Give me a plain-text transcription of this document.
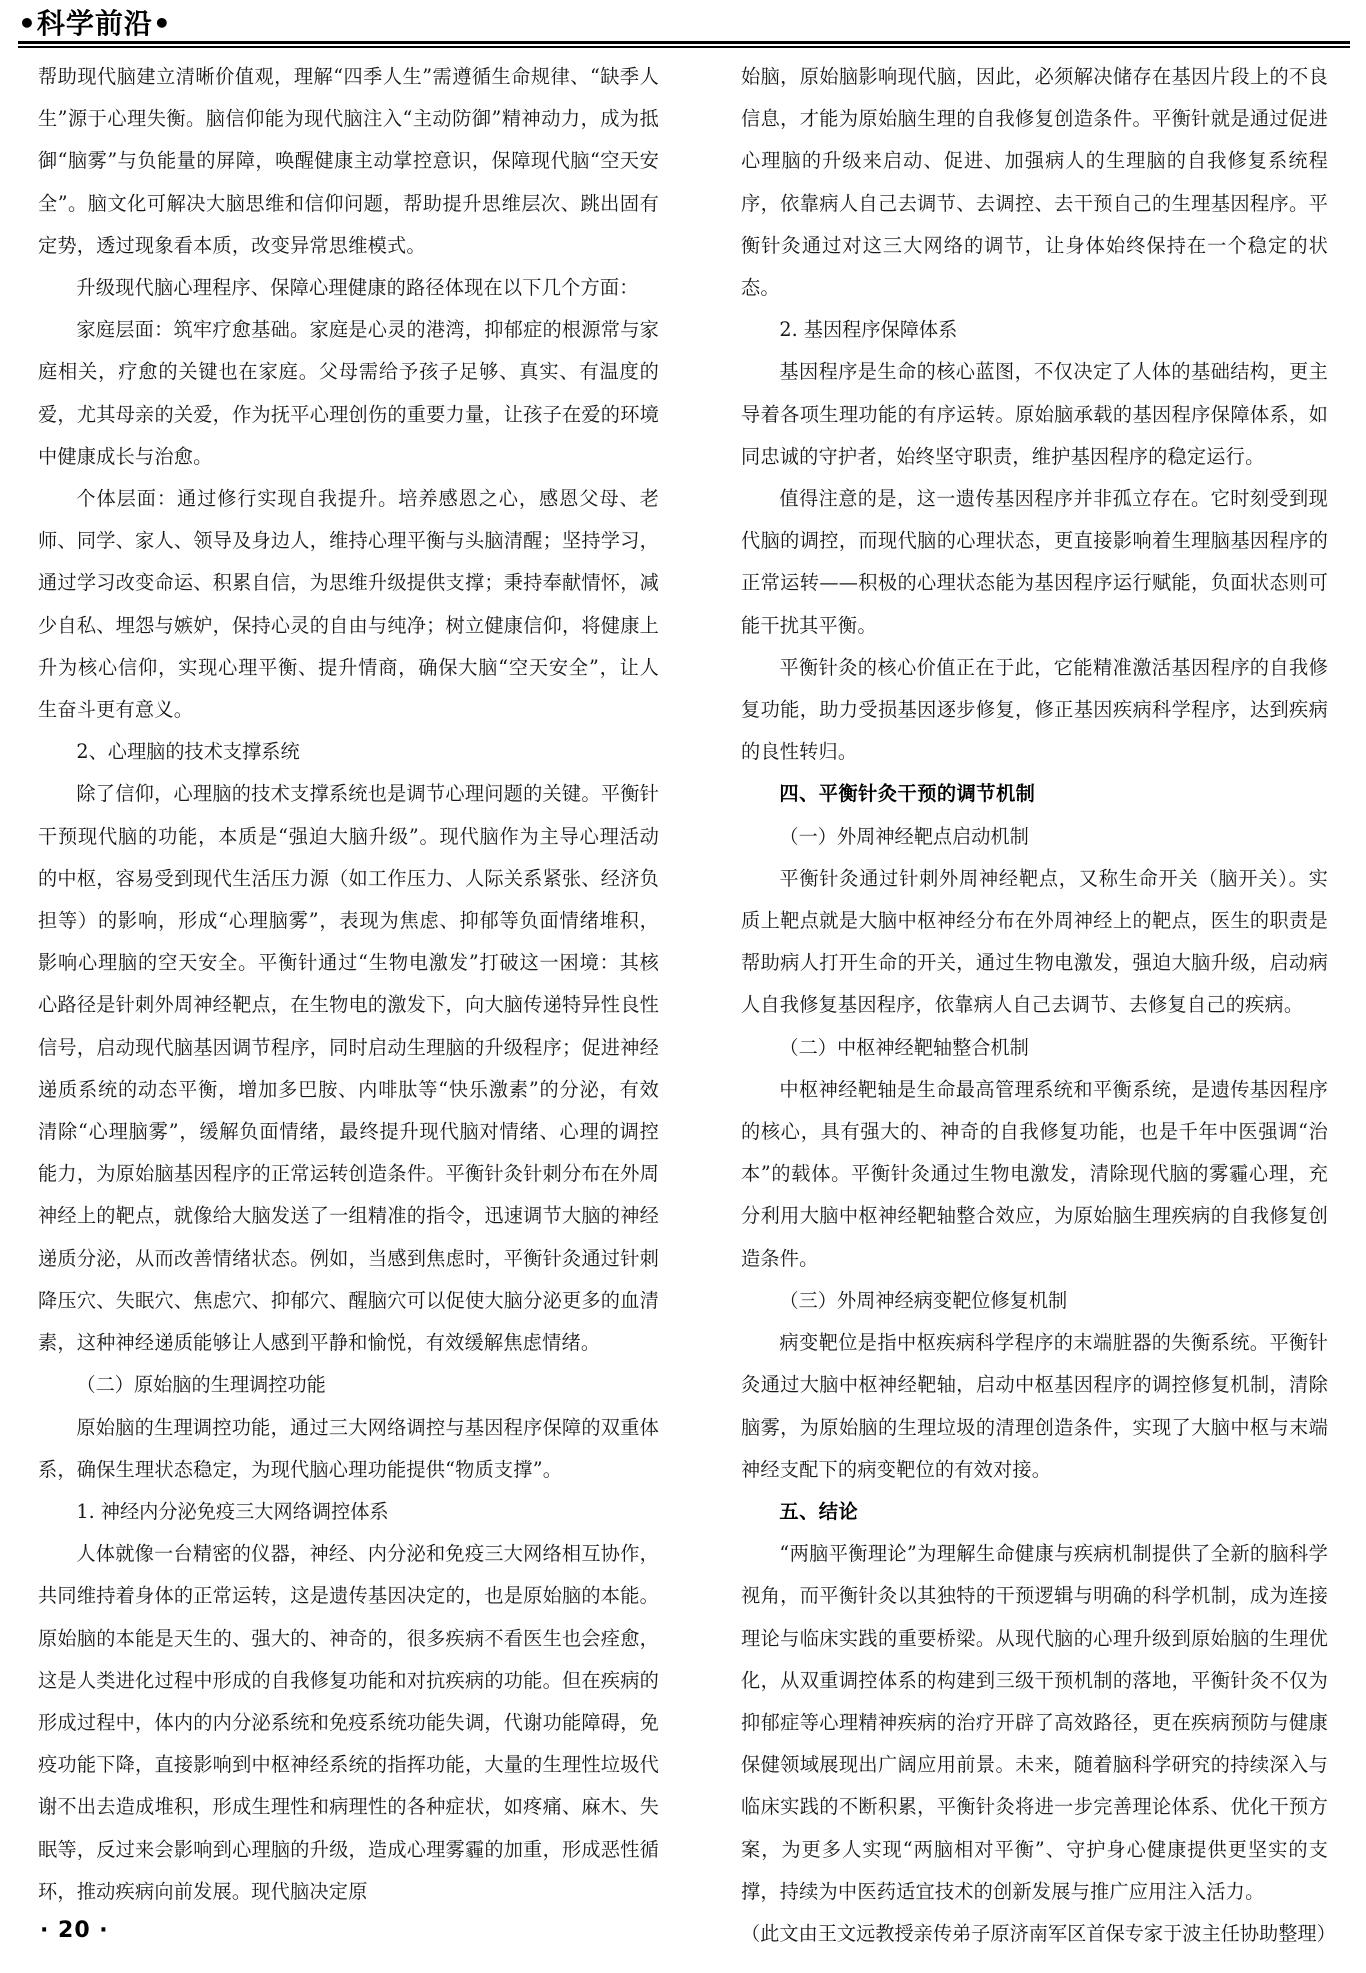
•科学前沿•

帮助现代脑建立清晰价值观，理解“四季人生”需遵循生命规律、“缺季人生”源于心理失衡。脑信仰能为现代脑注入“主动防御”精神动力，成为抵御“脑雾”与负能量的屏障，唤醒健康主动掌控意识，保障现代脑“空天安全”。脑文化可解决大脑思维和信仰问题，帮助提升思维层次、跳出固有定势，透过现象看本质，改变异常思维模式。

升级现代脑心理程序、保障心理健康的路径体现在以下几个方面：

家庭层面：筑牢疗愈基础。家庭是心灵的港湾，抑郁症的根源常与家庭相关，疗愈的关键也在家庭。父母需给予孩子足够、真实、有温度的爱，尤其母亲的关爱，作为抚平心理创伤的重要力量，让孩子在爱的环境中健康成长与治愈。

个体层面：通过修行实现自我提升。培养感恩之心，感恩父母、老师、同学、家人、领导及身边人，维持心理平衡与头脑清醒；坚持学习，通过学习改变命运、积累自信，为思维升级提供支撑；秉持奉献情怀，减少自私、埋怨与嫉妒，保持心灵的自由与纯净；树立健康信仰，将健康上升为核心信仰，实现心理平衡、提升情商，确保大脑“空天安全”，让人生奋斗更有意义。

2、心理脑的技术支撑系统

除了信仰，心理脑的技术支撑系统也是调节心理问题的关键。平衡针干预现代脑的功能，本质是“强迫大脑升级”。现代脑作为主导心理活动的中枢，容易受到现代生活压力源（如工作压力、人际关系紧张、经济负担等）的影响，形成“心理脑雾”，表现为焦虑、抑郁等负面情绪堆积，影响心理脑的空天安全。平衡针通过“生物电激发”打破这一困境：其核心路径是针刺外周神经靶点，在生物电的激发下，向大脑传递特异性良性信号，启动现代脑基因调节程序，同时启动生理脑的升级程序；促进神经递质系统的动态平衡，增加多巴胺、内啡肽等“快乐激素”的分泌，有效清除“心理脑雾”，缓解负面情绪，最终提升现代脑对情绪、心理的调控能力，为原始脑基因程序的正常运转创造条件。平衡针灸针刺分布在外周神经上的靶点，就像给大脑发送了一组精准的指令，迅速调节大脑的神经递质分泌，从而改善情绪状态。例如，当感到焦虑时，平衡针灸通过针刺降压穴、失眠穴、焦虑穴、抑郁穴、醒脑穴可以促使大脑分泌更多的血清素，这种神经递质能够让人感到平静和愉悦，有效缓解焦虑情绪。

（二）原始脑的生理调控功能

原始脑的生理调控功能，通过三大网络调控与基因程序保障的双重体系，确保生理状态稳定，为现代脑心理功能提供“物质支撑”。

1. 神经内分泌免疫三大网络调控体系

人体就像一台精密的仪器，神经、内分泌和免疫三大网络相互协作，共同维持着身体的正常运转，这是遗传基因决定的，也是原始脑的本能。原始脑的本能是天生的、强大的、神奇的，很多疾病不看医生也会痊愈，这是人类进化过程中形成的自我修复功能和对抗疾病的功能。但在疾病的形成过程中，体内的内分泌系统和免疫系统功能失调，代谢功能障碍，免疫功能下降，直接影响到中枢神经系统的指挥功能，大量的生理性垃圾代谢不出去造成堆积，形成生理性和病理性的各种症状，如疼痛、麻木、失眠等，反过来会影响到心理脑的升级，造成心理雾霾的加重，形成恶性循环，推动疾病向前发展。现代脑决定原

始脑，原始脑影响现代脑，因此，必须解决储存在基因片段上的不良信息，才能为原始脑生理的自我修复创造条件。平衡针就是通过促进心理脑的升级来启动、促进、加强病人的生理脑的自我修复系统程序，依靠病人自己去调节、去调控、去干预自己的生理基因程序。平衡针灸通过对这三大网络的调节，让身体始终保持在一个稳定的状态。

2. 基因程序保障体系

基因程序是生命的核心蓝图，不仅决定了人体的基础结构，更主导着各项生理功能的有序运转。原始脑承载的基因程序保障体系，如同忠诚的守护者，始终坚守职责，维护基因程序的稳定运行。

值得注意的是，这一遗传基因程序并非孤立存在。它时刻受到现代脑的调控，而现代脑的心理状态，更直接影响着生理脑基因程序的正常运转——积极的心理状态能为基因程序运行赋能，负面状态则可能干扰其平衡。

平衡针灸的核心价值正在于此，它能精准激活基因程序的自我修复功能，助力受损基因逐步修复，修正基因疾病科学程序，达到疾病的良性转归。

四、平衡针灸干预的调节机制

（一）外周神经靶点启动机制

平衡针灸通过针刺外周神经靶点，又称生命开关（脑开关）。实质上靶点就是大脑中枢神经分布在外周神经上的靶点，医生的职责是帮助病人打开生命的开关，通过生物电激发，强迫大脑升级，启动病人自我修复基因程序，依靠病人自己去调节、去修复自己的疾病。

（二）中枢神经靶轴整合机制

中枢神经靶轴是生命最高管理系统和平衡系统，是遗传基因程序的核心，具有强大的、神奇的自我修复功能，也是千年中医强调“治本”的载体。平衡针灸通过生物电激发，清除现代脑的雾霾心理，充分利用大脑中枢神经靶轴整合效应，为原始脑生理疾病的自我修复创造条件。

（三）外周神经病变靶位修复机制

病变靶位是指中枢疾病科学程序的末端脏器的失衡系统。平衡针灸通过大脑中枢神经靶轴，启动中枢基因程序的调控修复机制，清除脑雾，为原始脑的生理垃圾的清理创造条件，实现了大脑中枢与末端神经支配下的病变靶位的有效对接。

五、结论

“两脑平衡理论”为理解生命健康与疾病机制提供了全新的脑科学视角，而平衡针灸以其独特的干预逻辑与明确的科学机制，成为连接理论与临床实践的重要桥梁。从现代脑的心理升级到原始脑的生理优化，从双重调控体系的构建到三级干预机制的落地，平衡针灸不仅为抑郁症等心理精神疾病的治疗开辟了高效路径，更在疾病预防与健康保健领域展现出广阔应用前景。未来，随着脑科学研究的持续深入与临床实践的不断积累，平衡针灸将进一步完善理论体系、优化干预方案，为更多人实现“两脑相对平衡”、守护身心健康提供更坚实的支撑，持续为中医药适宜技术的创新发展与推广应用注入活力。

（此文由王文远教授亲传弟子原济南军区首保专家于波主任协助整理）

· 20 ·
